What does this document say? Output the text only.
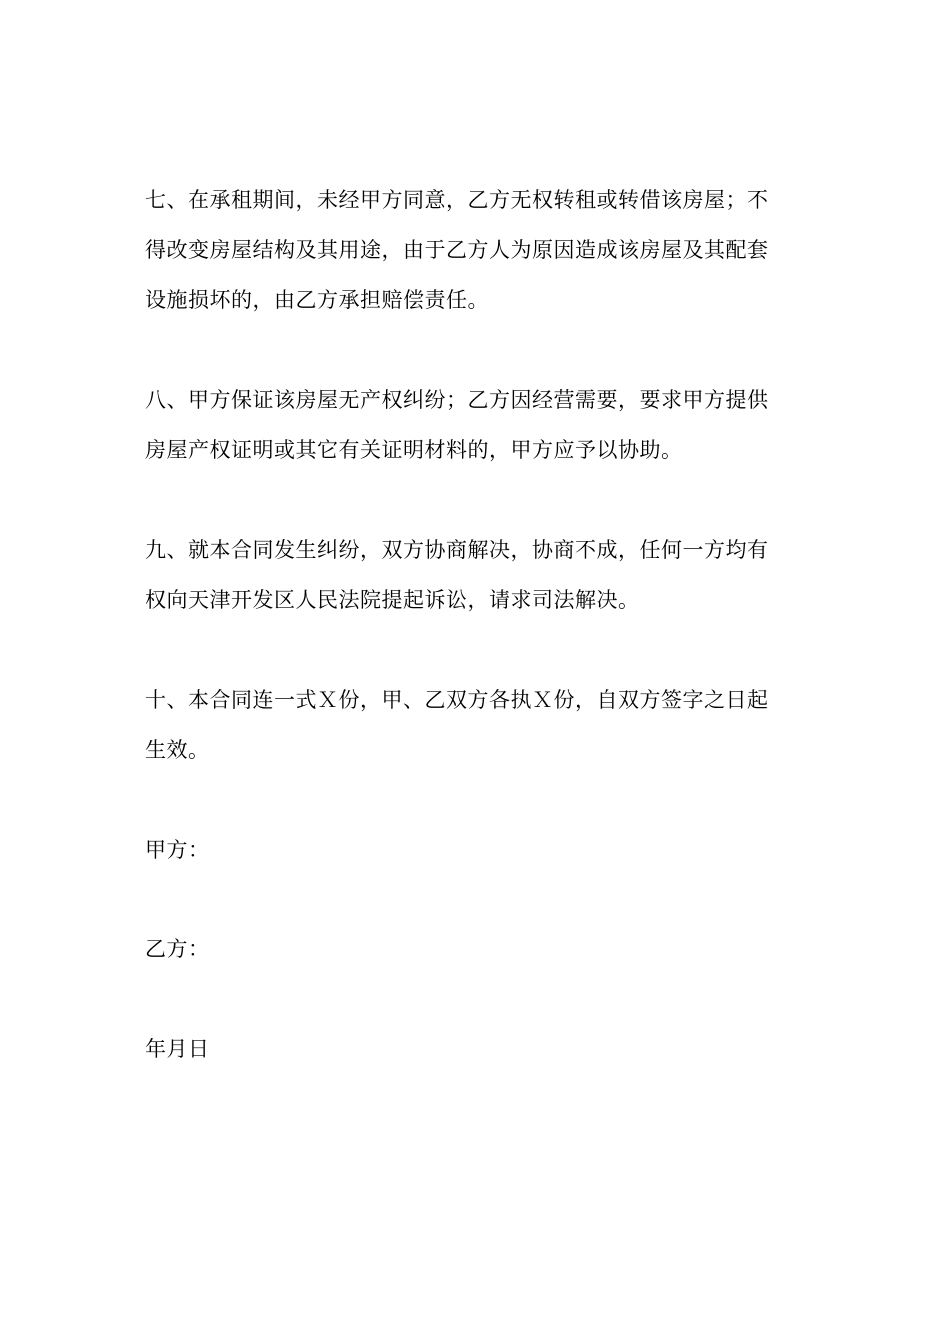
七、在承租期间，未经甲方同意，乙方无权转租或转借该房屋；不
得改变房屋结构及其用途，由于乙方人为原因造成该房屋及其配套
设施损坏的，由乙方承担赔偿责任。
八、甲方保证该房屋无产权纠纷；乙方因经营需要，要求甲方提供
房屋产权证明或其它有关证明材料的，甲方应予以协助。
九、就本合同发生纠纷，双方协商解决，协商不成，任何一方均有
权向天津开发区人民法院提起诉讼，请求司法解决。
十、本合同连一式Ｘ份，甲、乙双方各执Ｘ份，自双方签字之日起
生效。
甲方：
乙方：
年月日
